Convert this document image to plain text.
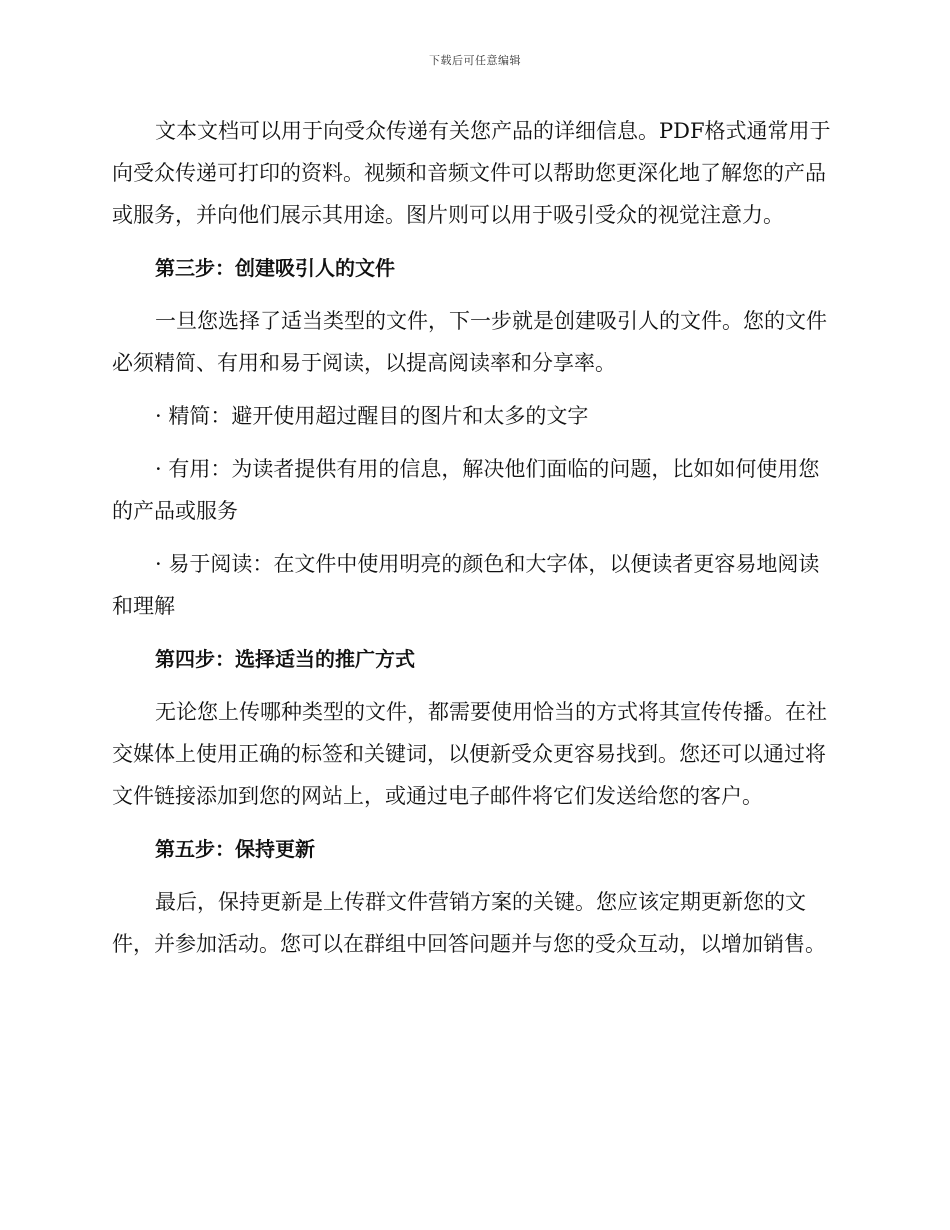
下载后可任意编辑

文本文档可以用于向受众传递有关您产品的详细信息。PDF格式通常用于向受众传递可打印的资料。视频和音频文件可以帮助您更深化地了解您的产品或服务，并向他们展示其用途。图片则可以用于吸引受众的视觉注意力。

第三步：创建吸引人的文件

一旦您选择了适当类型的文件，下一步就是创建吸引人的文件。您的文件必须精简、有用和易于阅读，以提高阅读率和分享率。

· 精简：避开使用超过醒目的图片和太多的文字

· 有用：为读者提供有用的信息，解决他们面临的问题，比如如何使用您的产品或服务

· 易于阅读：在文件中使用明亮的颜色和大字体，以便读者更容易地阅读和理解

第四步：选择适当的推广方式

无论您上传哪种类型的文件，都需要使用恰当的方式将其宣传传播。在社交媒体上使用正确的标签和关键词，以便新受众更容易找到。您还可以通过将文件链接添加到您的网站上，或通过电子邮件将它们发送给您的客户。

第五步：保持更新

最后，保持更新是上传群文件营销方案的关键。您应该定期更新您的文件，并参加活动。您可以在群组中回答问题并与您的受众互动，以增加销售。
